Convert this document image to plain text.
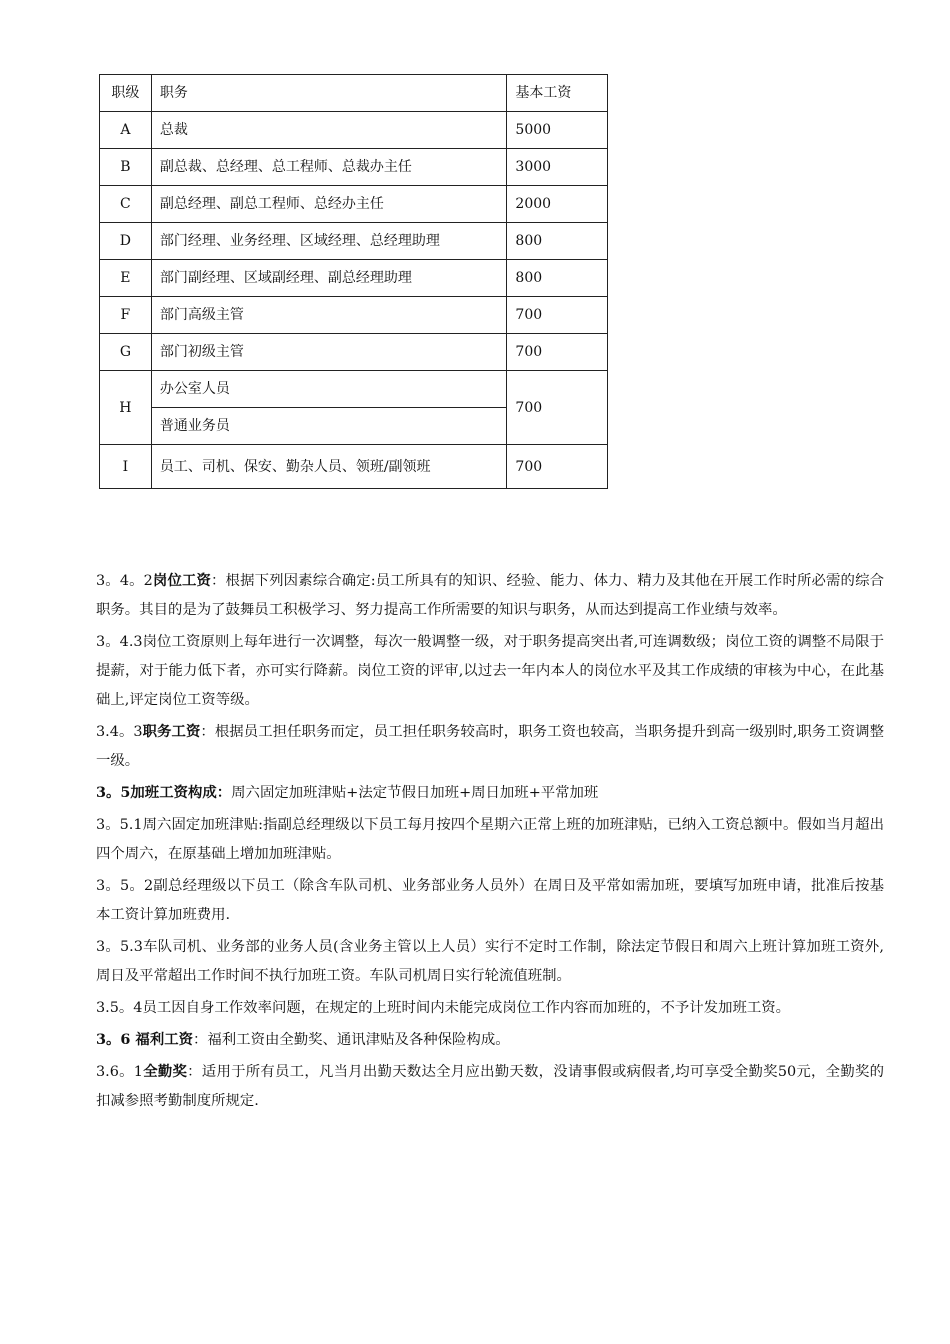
职级	职务	基本工资
A	总裁	5000
B	副总裁、总经理、总工程师、总裁办主任	3000
C	副总经理、副总工程师、总经办主任	2000
D	部门经理、业务经理、区域经理、总经理助理	800
E	部门副经理、区域副经理、副总经理助理	800
F	部门高级主管	700
G	部门初级主管	700
H	办公室人员	700
	普通业务员	
I	员工、司机、保安、勤杂人员、领班/副领班	700

3。4。2岗位工资：根据下列因素综合确定:员工所具有的知识、经验、能力、体力、精力及其他在开展工作时所必需的综合职务。其目的是为了鼓舞员工积极学习、努力提高工作所需要的知识与职务，从而达到提高工作业绩与效率。

3。4.3岗位工资原则上每年进行一次调整，每次一般调整一级，对于职务提高突出者,可连调数级；岗位工资的调整不局限于提薪，对于能力低下者，亦可实行降薪。岗位工资的评审,以过去一年内本人的岗位水平及其工作成绩的审核为中心，在此基础上,评定岗位工资等级。

3.4。3职务工资：根据员工担任职务而定，员工担任职务较高时，职务工资也较高，当职务提升到高一级别时,职务工资调整一级。

3。5加班工资构成：周六固定加班津贴+法定节假日加班+周日加班+平常加班

3。5.1周六固定加班津贴:指副总经理级以下员工每月按四个星期六正常上班的加班津贴，已纳入工资总额中。假如当月超出四个周六，在原基础上增加加班津贴。

3。5。2副总经理级以下员工（除含车队司机、业务部业务人员外）在周日及平常如需加班，要填写加班申请，批准后按基本工资计算加班费用.

3。5.3车队司机、业务部的业务人员(含业务主管以上人员）实行不定时工作制，除法定节假日和周六上班计算加班工资外,周日及平常超出工作时间不执行加班工资。车队司机周日实行轮流值班制。

3.5。4员工因自身工作效率问题，在规定的上班时间内未能完成岗位工作内容而加班的，不予计发加班工资。

3。6 福利工资：福利工资由全勤奖、通讯津贴及各种保险构成。

3.6。1全勤奖：适用于所有员工，凡当月出勤天数达全月应出勤天数，没请事假或病假者,均可享受全勤奖50元，全勤奖的扣减参照考勤制度所规定.
